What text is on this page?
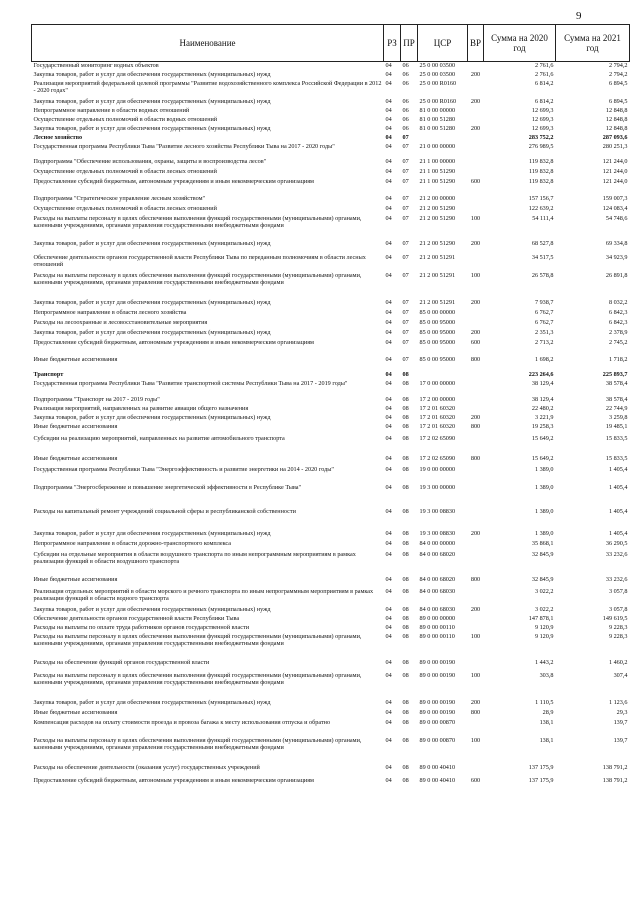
9
Наименование	РЗ	ПР	ЦСР	ВР	Сумма на 2020 год	Сумма на 2021 год
Государственный мониторинг водных объектов	04	06	25 0 00 03500		2 761,6	2 794,2
Закупка товаров, работ и услуг для обеспечения государственных (муниципальных) нужд	04	06	25 0 00 03500	200	2 761,6	2 794,2
Реализация мероприятий федеральной целевой программы "Развитие водохозяйственного комплекса Российской Федерации в 2012 - 2020 годах"	04	06	25 0 00 R0160		6 814,2	6 894,5
Закупка товаров, работ и услуг для обеспечения государственных (муниципальных) нужд	04	06	25 0 00 R0160	200	6 814,2	6 894,5
Непрограммное направление в области водных отношений	04	06	81 0 00 00000		12 699,3	12 848,8
Осуществление отдельных полномочий в области водных отношений	04	06	81 0 00 51280		12 699,3	12 848,8
Закупка товаров, работ и услуг для обеспечения государственных (муниципальных) нужд	04	06	81 0 00 51280	200	12 699,3	12 848,8
Лесное хозяйство	04	07			283 752,2	287 093,6
Государственная программа Республики Тыва "Развитие лесного хозяйства Республики Тыва на 2017 - 2020 годы"	04	07	21 0 00 00000		276 989,5	280 251,3
Подпрограмма "Обеспечение использования, охраны, защиты и воспроизводства лесов"	04	07	21 1 00 00000		119 832,8	121 244,0
Осуществление отдельных полномочий в области лесных отношений	04	07	21 1 00 51290		119 832,8	121 244,0
Предоставление субсидий бюджетным, автономным учреждениям и иным некоммерческим организациям	04	07	21 1 00 51290	600	119 832,8	121 244,0
Подпрограмма "Стратегическое управление лесным хозяйством"	04	07	21 2 00 00000		157 156,7	159 007,3
Осуществление отдельных полномочий в области лесных отношений	04	07	21 2 00 51290		122 639,2	124 083,4
Расходы на выплаты персоналу в целях обеспечения выполнения функций государственными (муниципальными) органами, казенными учреждениями, органами управления государственными внебюджетными фондами	04	07	21 2 00 51290	100	54 111,4	54 748,6
Закупка товаров, работ и услуг для обеспечения государственных (муниципальных) нужд	04	07	21 2 00 51290	200	68 527,8	69 334,8
Обеспечение деятельности органов государственной власти Республики Тыва по переданным полномочиям в области лесных отношений	04	07	21 2 00 51291		34 517,5	34 923,9
Расходы на выплаты персоналу в целях обеспечения выполнения функций государственными (муниципальными) органами, казенными учреждениями, органами управления государственными внебюджетными фондами	04	07	21 2 00 51291	100	26 578,8	26 891,8
Закупка товаров, работ и услуг для обеспечения государственных (муниципальных) нужд	04	07	21 2 00 51291	200	7 938,7	8 032,2
Непрограммное направление в области лесного хозяйства	04	07	85 0 00 00000		6 762,7	6 842,3
Расходы на лесоохранные и лесовосстановительные мероприятия	04	07	85 0 00 95000		6 762,7	6 842,3
Закупка товаров, работ и услуг для обеспечения государственных (муниципальных) нужд	04	07	85 0 00 95000	200	2 351,3	2 378,9
Предоставление субсидий бюджетным, автономным учреждениям и иным некоммерческим организациям	04	07	85 0 00 95000	600	2 713,2	2 745,2
Иные бюджетные ассигнования	04	07	85 0 00 95000	800	1 698,2	1 718,2
Транспорт	04	08			223 264,6	225 893,7
Государственная программа Республики Тыва "Развитие транспортной системы Республики Тыва на 2017 - 2019 годы"	04	08	17 0 00 00000		38 129,4	38 578,4
Подпрограмма "Транспорт на 2017 - 2019 годы"	04	08	17 2 00 00000		38 129,4	38 578,4
Реализация мероприятий, направленных на развитие авиации общего назначения	04	08	17 2 01 60320		22 480,2	22 744,9
Закупка товаров, работ и услуг для обеспечения государственных (муниципальных) нужд	04	08	17 2 01 60320	200	3 221,9	3 259,8
Иные бюджетные ассигнования	04	08	17 2 01 60320	800	19 258,3	19 485,1
Субсидии на реализацию мероприятий, направленных на развитие автомобильного транспорта	04	08	17 2 02 65090		15 649,2	15 833,5
Иные бюджетные ассигнования	04	08	17 2 02 65090	800	15 649,2	15 833,5
Государственная программа Республики Тыва "Энергоэффективность и развитие энергетики на 2014 - 2020 годы"	04	08	19 0 00 00000		1 389,0	1 405,4
Подпрограмма "Энергосбережение и повышение энергетической эффективности в Республике Тыва"	04	08	19 3 00 00000		1 389,0	1 405,4
Расходы на капитальный ремонт учреждений социальной сферы и республиканской собственности	04	08	19 3 00 08830		1 389,0	1 405,4
Закупка товаров, работ и услуг для обеспечения государственных (муниципальных) нужд	04	08	19 3 00 08830	200	1 389,0	1 405,4
Непрограммное направление в области дорожно-транспортного комплекса	04	08	84 0 00 00000		35 868,1	36 290,5
Субсидии на отдельные мероприятия в области воздушного транспорта по иным непрограммным мероприятиям в рамках реализации функций в области воздушного транспорта	04	08	84 0 00 68020		32 845,9	33 232,6
Иные бюджетные ассигнования	04	08	84 0 00 68020	800	32 845,9	33 232,6
Реализация отдельных мероприятий в области морского и речного транспорта по иным непрограммным мероприятиям в рамках реализации функций в области водного транспорта	04	08	84 0 00 68030		3 022,2	3 057,8
Закупка товаров, работ и услуг для обеспечения государственных (муниципальных) нужд	04	08	84 0 00 68030	200	3 022,2	3 057,8
Обеспечение деятельности органов государственной власти Республики Тыва	04	08	89 0 00 00000		147 878,1	149 619,5
Расходы на выплаты по оплате труда работников органов государственной власти	04	08	89 0 00 00110		9 120,9	9 228,3
Расходы на выплаты персоналу в целях обеспечения выполнения функций государственными (муниципальными) органами, казенными учреждениями, органами управления государственными внебюджетными фондами	04	08	89 0 00 00110	100	9 120,9	9 228,3
Расходы на обеспечение функций органов государственной власти	04	08	89 0 00 00190		1 443,2	1 460,2
Расходы на выплаты персоналу в целях обеспечения выполнения функций государственными (муниципальными) органами, казенными учреждениями, органами управления государственными внебюджетными фондами	04	08	89 0 00 00190	100	303,8	307,4
Закупка товаров, работ и услуг для обеспечения государственных (муниципальных) нужд	04	08	89 0 00 00190	200	1 110,5	1 123,6
Иные бюджетные ассигнования	04	08	89 0 00 00190	800	28,9	29,3
Компенсация расходов на оплату стоимости проезда и провоза багажа к месту использования отпуска и обратно	04	08	89 0 00 00870		138,1	139,7
Расходы на выплаты персоналу в целях обеспечения выполнения функций государственными (муниципальными) органами, казенными учреждениями, органами управления государственными внебюджетными фондами	04	08	89 0 00 00870	100	138,1	139,7
Расходы на обеспечение деятельности (оказания услуг) государственных учреждений	04	08	89 0 00 40410		137 175,9	138 791,2
Предоставление субсидий бюджетным, автономным учреждениям и иным некоммерческим организациям	04	08	89 0 00 40410	600	137 175,9	138 791,2
